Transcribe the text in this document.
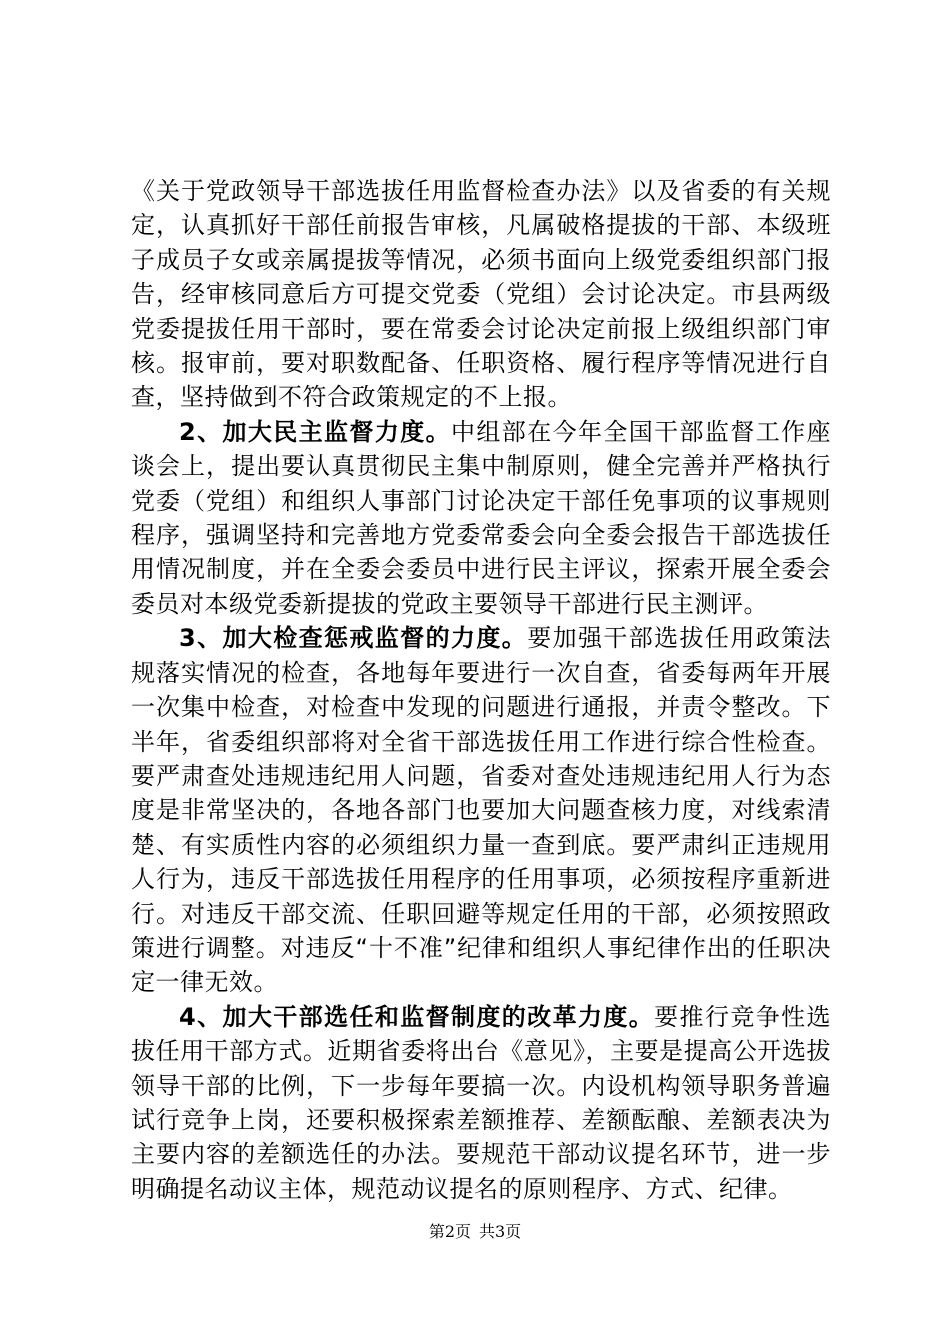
《关于党政领导干部选拔任用监督检查办法》以及省委的有关规定，认真抓好干部任前报告审核，凡属破格提拔的干部、本级班子成员子女或亲属提拔等情况，必须书面向上级党委组织部门报告，经审核同意后方可提交党委（党组）会讨论决定。市县两级党委提拔任用干部时，要在常委会讨论决定前报上级组织部门审核。报审前，要对职数配备、任职资格、履行程序等情况进行自查，坚持做到不符合政策规定的不上报。

2、加大民主监督力度。中组部在今年全国干部监督工作座谈会上，提出要认真贯彻民主集中制原则，健全完善并严格执行党委（党组）和组织人事部门讨论决定干部任免事项的议事规则程序，强调坚持和完善地方党委常委会向全委会报告干部选拔任用情况制度，并在全委会委员中进行民主评议，探索开展全委会委员对本级党委新提拔的党政主要领导干部进行民主测评。

3、加大检查惩戒监督的力度。要加强干部选拔任用政策法规落实情况的检查，各地每年要进行一次自查，省委每两年开展一次集中检查，对检查中发现的问题进行通报，并责令整改。下半年，省委组织部将对全省干部选拔任用工作进行综合性检查。要严肃查处违规违纪用人问题，省委对查处违规违纪用人行为态度是非常坚决的，各地各部门也要加大问题查核力度，对线索清楚、有实质性内容的必须组织力量一查到底。要严肃纠正违规用人行为，违反干部选拔任用程序的任用事项，必须按程序重新进行。对违反干部交流、任职回避等规定任用的干部，必须按照政策进行调整。对违反“十不准”纪律和组织人事纪律作出的任职决定一律无效。

4、加大干部选任和监督制度的改革力度。要推行竞争性选拔任用干部方式。近期省委将出台《意见》，主要是提高公开选拔领导干部的比例，下一步每年要搞一次。内设机构领导职务普遍试行竞争上岗，还要积极探索差额推荐、差额酝酿、差额表决为主要内容的差额选任的办法。要规范干部动议提名环节，进一步明确提名动议主体，规范动议提名的原则程序、方式、纪律。

第2页 共3页
